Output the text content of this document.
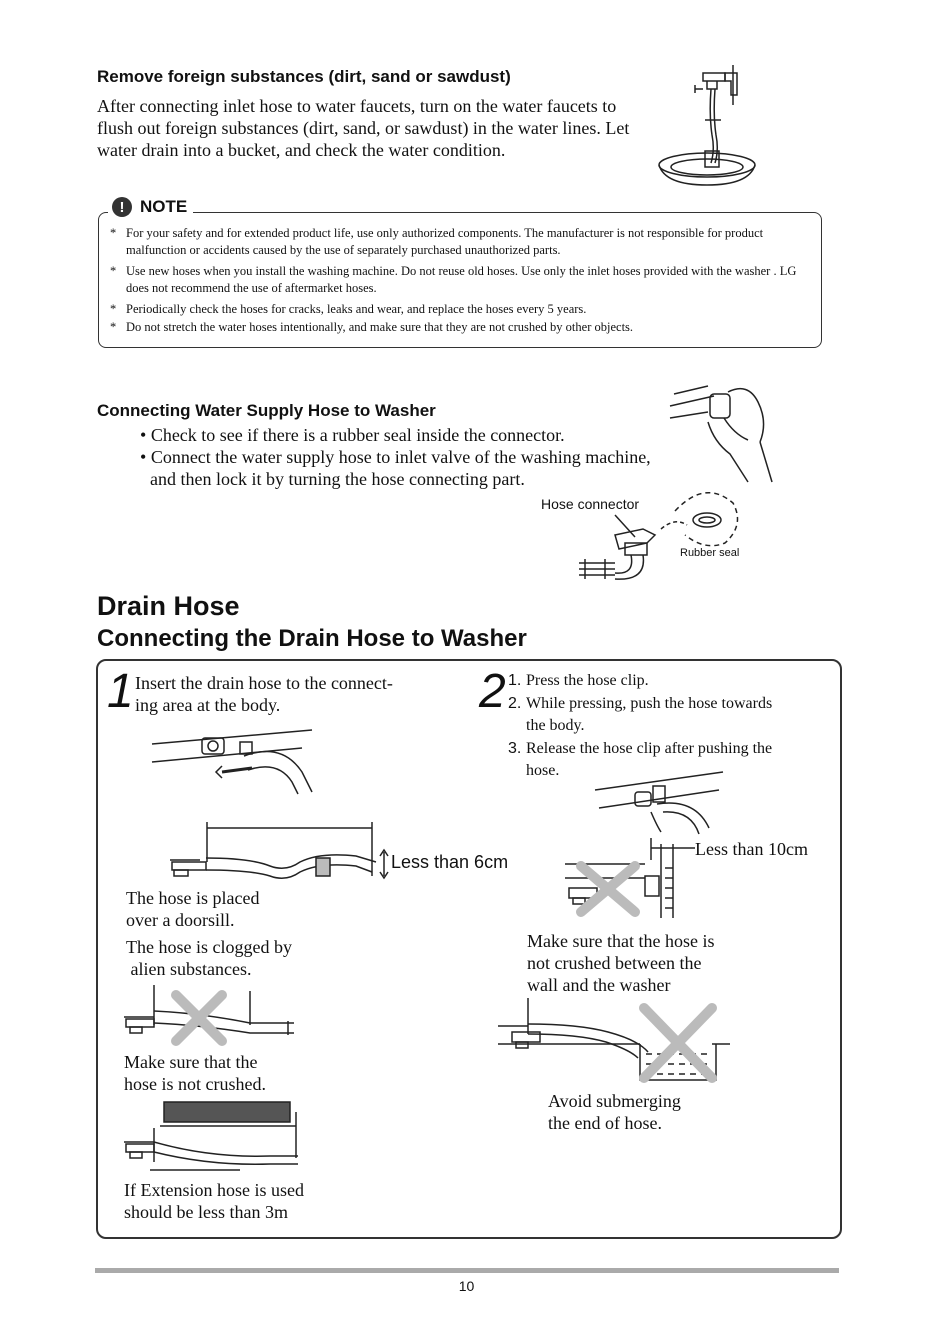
Remove foreign substances (dirt, sand or sawdust)
After connecting inlet hose to water faucets, turn on the water faucets to
flush out foreign substances (dirt, sand, or sawdust) in the water lines. Let
water drain into a bucket, and check the water condition.
! NOTE
* For your safety and for extended product life, use only authorized components. The manufacturer is not responsible for product malfunction or accidents caused by the use of separately purchased unauthorized parts.
* Use new hoses when you install the washing machine. Do not reuse old hoses. Use only the inlet hoses provided with the washer . LG does not recommend the use of aftermarket hoses.
* Periodically check the hoses for cracks, leaks and wear, and replace the hoses every 5 years.
* Do not stretch the water hoses intentionally, and make sure that they are not crushed by other objects.
Connecting Water Supply Hose to Washer
• Check to see if there is a rubber seal inside the connector.
• Connect the water supply hose to inlet valve of the washing machine,
and then lock it by turning the hose connecting part.
Hose connector
Rubber seal
Drain Hose
Connecting the Drain Hose to Washer
1 Insert the drain hose to the connect-
ing area at the body.
Less than 6cm
The hose is placed
over a doorsill.
The hose is clogged by
alien substances.
Make sure that the
hose is not crushed.
If Extension hose is used
should be less than 3m
2 1. Press the hose clip.
2. While pressing, push the hose towards
the body.
3. Release the hose clip after pushing the
hose.
Less than 10cm
Make sure that the hose is
not crushed between the
wall and the washer
Avoid submerging
the end of hose.
10
